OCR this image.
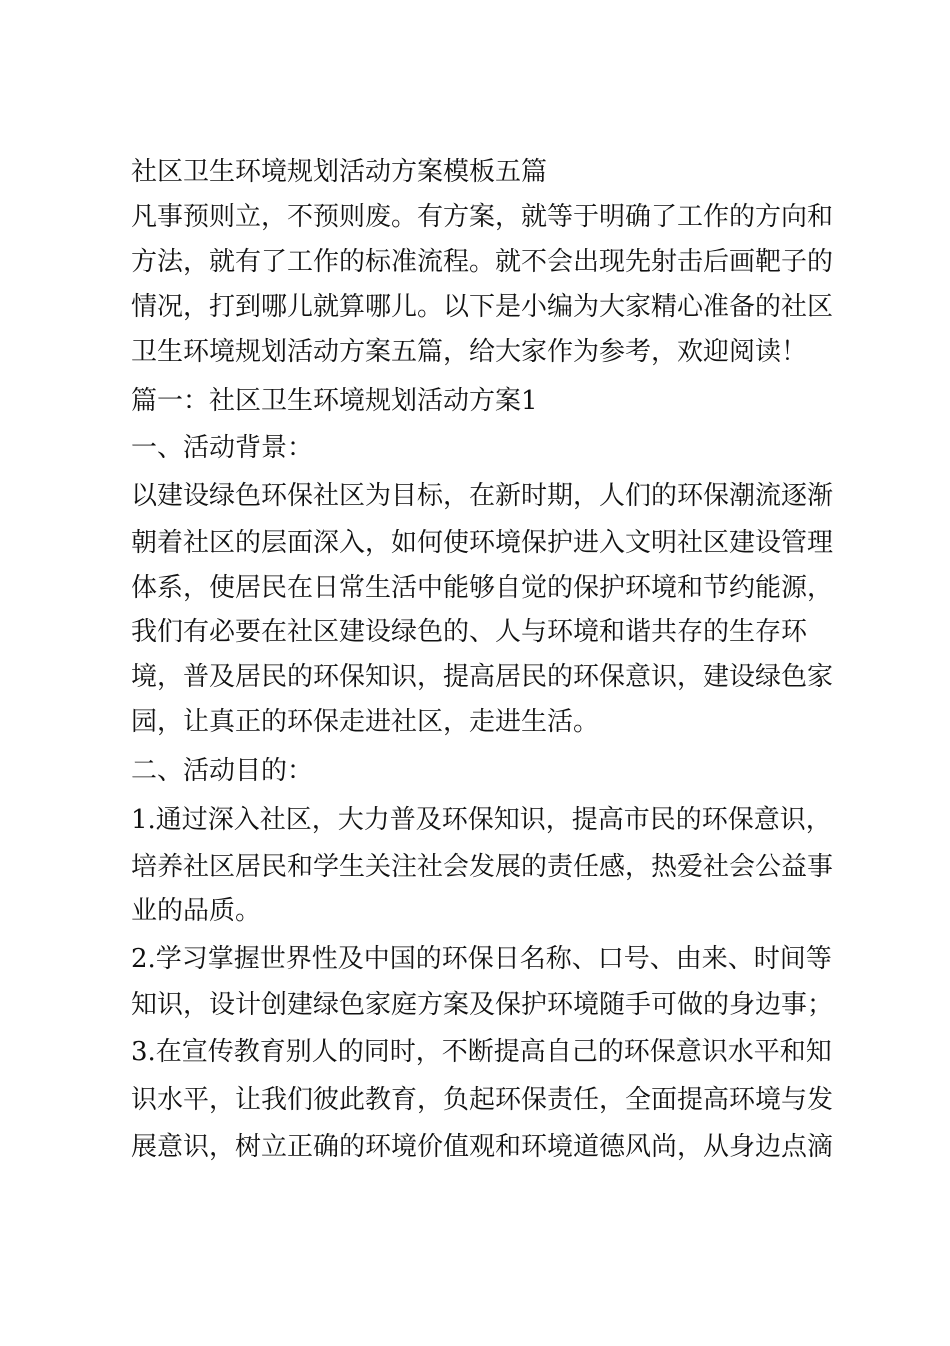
社区卫生环境规划活动方案模板五篇

凡事预则立，不预则废。有方案，就等于明确了工作的方向和

方法，就有了工作的标准流程。就不会出现先射击后画靶子的

情况，打到哪儿就算哪儿。以下是小编为大家精心准备的社区

卫生环境规划活动方案五篇，给大家作为参考，欢迎阅读！

篇一：社区卫生环境规划活动方案1

一、活动背景：

以建设绿色环保社区为目标，在新时期，人们的环保潮流逐渐

朝着社区的层面深入，如何使环境保护进入文明社区建设管理

体系，使居民在日常生活中能够自觉的保护环境和节约能源，

我们有必要在社区建设绿色的、人与环境和谐共存的生存环

境，普及居民的环保知识，提高居民的环保意识，建设绿色家

园，让真正的环保走进社区，走进生活。

二、活动目的：

1.通过深入社区，大力普及环保知识，提高市民的环保意识，

培养社区居民和学生关注社会发展的责任感，热爱社会公益事

业的品质。

2.学习掌握世界性及中国的环保日名称、口号、由来、时间等

知识，设计创建绿色家庭方案及保护环境随手可做的身边事；

3.在宣传教育别人的同时，不断提高自己的环保意识水平和知

识水平，让我们彼此教育，负起环保责任，全面提高环境与发

展意识，树立正确的环境价值观和环境道德风尚，从身边点滴
